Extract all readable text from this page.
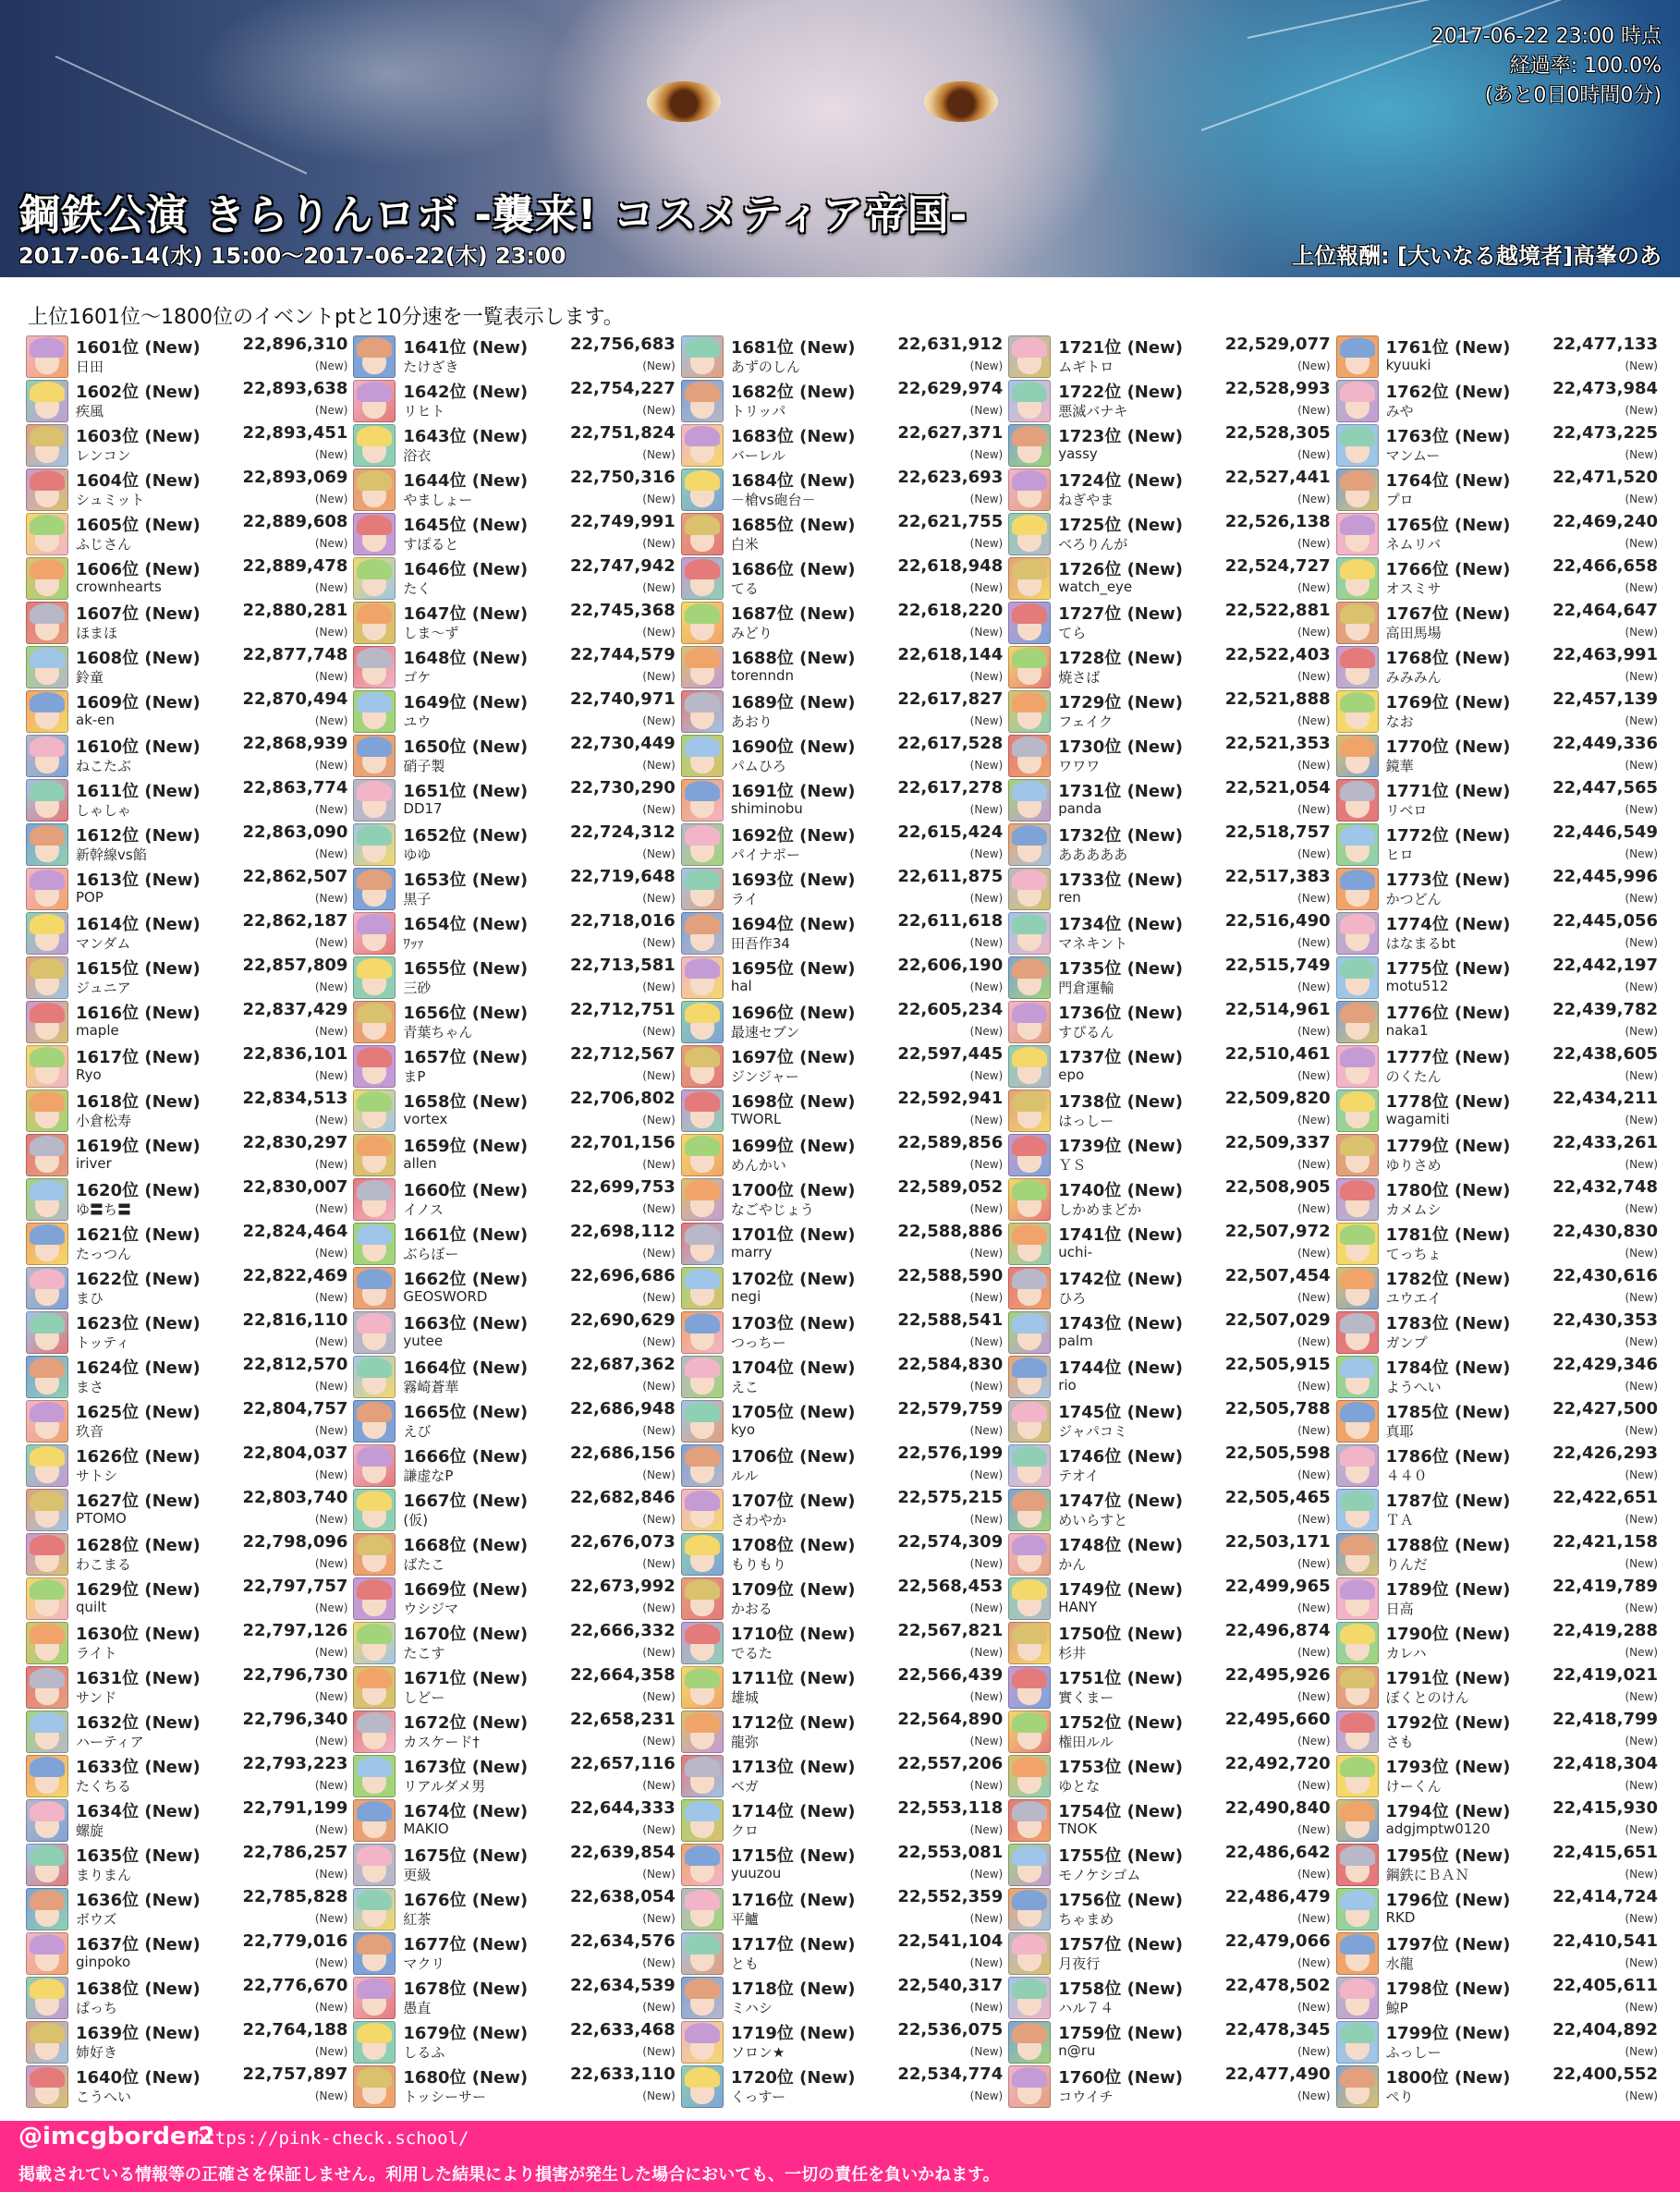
2017-06-22 23:00 時点
経過率: 100.0%
(あと0日0時間0分)
鋼鉄公演 きらりんロボ -襲来! コスメティア帝国-
2017-06-14(水) 15:00〜2017-06-22(木) 23:00	上位報酬: [大いなる越境者]高峯のあ
上位1601位〜1800位のイベントptと10分速を一覧表示します。
1601位 (New)	22,896,310
日田	(New)
1602位 (New)	22,893,638
疾風	(New)
1603位 (New)	22,893,451
レンコン	(New)
1604位 (New)	22,893,069
シュミット	(New)
1605位 (New)	22,889,608
ふじさん	(New)
1606位 (New)	22,889,478
crownhearts	(New)
1607位 (New)	22,880,281
ほまほ	(New)
1608位 (New)	22,877,748
鈴童	(New)
1609位 (New)	22,870,494
ak-en	(New)
1610位 (New)	22,868,939
ねこたぶ	(New)
1611位 (New)	22,863,774
しゃしゃ	(New)
1612位 (New)	22,863,090
新幹線vs餡	(New)
1613位 (New)	22,862,507
POP	(New)
1614位 (New)	22,862,187
マンダム	(New)
1615位 (New)	22,857,809
ジュニア	(New)
1616位 (New)	22,837,429
maple	(New)
1617位 (New)	22,836,101
Ryo	(New)
1618位 (New)	22,834,513
小倉松寿	(New)
1619位 (New)	22,830,297
iriver	(New)
1620位 (New)	22,830,007
ゆ〓ち〓	(New)
1621位 (New)	22,824,464
たっつん	(New)
1622位 (New)	22,822,469
まひ	(New)
1623位 (New)	22,816,110
トッティ	(New)
1624位 (New)	22,812,570
まさ	(New)
1625位 (New)	22,804,757
玖音	(New)
1626位 (New)	22,804,037
サトシ	(New)
1627位 (New)	22,803,740
PTOMO	(New)
1628位 (New)	22,798,096
わこまる	(New)
1629位 (New)	22,797,757
quilt	(New)
1630位 (New)	22,797,126
ライト	(New)
1631位 (New)	22,796,730
サンド	(New)
1632位 (New)	22,796,340
ハーティア	(New)
1633位 (New)	22,793,223
たくちる	(New)
1634位 (New)	22,791,199
螺旋	(New)
1635位 (New)	22,786,257
まりまん	(New)
1636位 (New)	22,785,828
ボウズ	(New)
1637位 (New)	22,779,016
ginpoko	(New)
1638位 (New)	22,776,670
ぱっち	(New)
1639位 (New)	22,764,188
姉好き	(New)
1640位 (New)	22,757,897
こうへい	(New)
1641位 (New)	22,756,683
たけざき	(New)
1642位 (New)	22,754,227
リヒト	(New)
1643位 (New)	22,751,824
浴衣	(New)
1644位 (New)	22,750,316
やましょー	(New)
1645位 (New)	22,749,991
すぽると	(New)
1646位 (New)	22,747,942
たく	(New)
1647位 (New)	22,745,368
しま〜ず	(New)
1648位 (New)	22,744,579
ゴケ	(New)
1649位 (New)	22,740,971
ユウ	(New)
1650位 (New)	22,730,449
硝子製	(New)
1651位 (New)	22,730,290
DD17	(New)
1652位 (New)	22,724,312
ゆゆ	(New)
1653位 (New)	22,719,648
黒子	(New)
1654位 (New)	22,718,016
ﾜｯｧ	(New)
1655位 (New)	22,713,581
三砂	(New)
1656位 (New)	22,712,751
青葉ちゃん	(New)
1657位 (New)	22,712,567
まP	(New)
1658位 (New)	22,706,802
vortex	(New)
1659位 (New)	22,701,156
allen	(New)
1660位 (New)	22,699,753
イノス	(New)
1661位 (New)	22,698,112
ぶらぼー	(New)
1662位 (New)	22,696,686
GEOSWORD	(New)
1663位 (New)	22,690,629
yutee	(New)
1664位 (New)	22,687,362
霧崎蒼華	(New)
1665位 (New)	22,686,948
えび	(New)
1666位 (New)	22,686,156
謙虚なP	(New)
1667位 (New)	22,682,846
(仮)	(New)
1668位 (New)	22,676,073
ばたこ	(New)
1669位 (New)	22,673,992
ウシジマ	(New)
1670位 (New)	22,666,332
たこす	(New)
1671位 (New)	22,664,358
しどー	(New)
1672位 (New)	22,658,231
カスケード†	(New)
1673位 (New)	22,657,116
リアルダメ男	(New)
1674位 (New)	22,644,333
MAKIO	(New)
1675位 (New)	22,639,854
更級	(New)
1676位 (New)	22,638,054
紅茶	(New)
1677位 (New)	22,634,576
マクリ	(New)
1678位 (New)	22,634,539
愚直	(New)
1679位 (New)	22,633,468
しるふ	(New)
1680位 (New)	22,633,110
トッシーサー	(New)
1681位 (New)	22,631,912
あずのしん	(New)
1682位 (New)	22,629,974
トリッパ	(New)
1683位 (New)	22,627,371
バーレル	(New)
1684位 (New)	22,623,693
－槍vs砲台－	(New)
1685位 (New)	22,621,755
白米	(New)
1686位 (New)	22,618,948
てる	(New)
1687位 (New)	22,618,220
みどり	(New)
1688位 (New)	22,618,144
torenndn	(New)
1689位 (New)	22,617,827
あおり	(New)
1690位 (New)	22,617,528
パムひろ	(New)
1691位 (New)	22,617,278
shiminobu	(New)
1692位 (New)	22,615,424
パイナポー	(New)
1693位 (New)	22,611,875
ライ	(New)
1694位 (New)	22,611,618
田吾作34	(New)
1695位 (New)	22,606,190
hal	(New)
1696位 (New)	22,605,234
最速セブン	(New)
1697位 (New)	22,597,445
ジンジャー	(New)
1698位 (New)	22,592,941
TWORL	(New)
1699位 (New)	22,589,856
めんかい	(New)
1700位 (New)	22,589,052
なごやじょう	(New)
1701位 (New)	22,588,886
marry	(New)
1702位 (New)	22,588,590
negi	(New)
1703位 (New)	22,588,541
つっちー	(New)
1704位 (New)	22,584,830
えこ	(New)
1705位 (New)	22,579,759
kyo	(New)
1706位 (New)	22,576,199
ルル	(New)
1707位 (New)	22,575,215
さわやか	(New)
1708位 (New)	22,574,309
もりもり	(New)
1709位 (New)	22,568,453
かおる	(New)
1710位 (New)	22,567,821
でるた	(New)
1711位 (New)	22,566,439
雄城	(New)
1712位 (New)	22,564,890
龍弥	(New)
1713位 (New)	22,557,206
ベガ	(New)
1714位 (New)	22,553,118
クロ	(New)
1715位 (New)	22,553,081
yuuzou	(New)
1716位 (New)	22,552,359
平鱸	(New)
1717位 (New)	22,541,104
とも	(New)
1718位 (New)	22,540,317
ミハシ	(New)
1719位 (New)	22,536,075
ソロン★	(New)
1720位 (New)	22,534,774
くっすー	(New)
1721位 (New)	22,529,077
ムギトロ	(New)
1722位 (New)	22,528,993
悪滅バナキ	(New)
1723位 (New)	22,528,305
yassy	(New)
1724位 (New)	22,527,441
ねぎやま	(New)
1725位 (New)	22,526,138
べろりんが	(New)
1726位 (New)	22,524,727
watch_eye	(New)
1727位 (New)	22,522,881
てら	(New)
1728位 (New)	22,522,403
焼さば	(New)
1729位 (New)	22,521,888
フェイク	(New)
1730位 (New)	22,521,353
ワワワ	(New)
1731位 (New)	22,521,054
panda	(New)
1732位 (New)	22,518,757
あああああ	(New)
1733位 (New)	22,517,383
ren	(New)
1734位 (New)	22,516,490
マネキント	(New)
1735位 (New)	22,515,749
門倉運輸	(New)
1736位 (New)	22,514,961
すぴるん	(New)
1737位 (New)	22,510,461
epo	(New)
1738位 (New)	22,509,820
はっしー	(New)
1739位 (New)	22,509,337
ＹＳ	(New)
1740位 (New)	22,508,905
しかめまどか	(New)
1741位 (New)	22,507,972
uchi-	(New)
1742位 (New)	22,507,454
ひろ	(New)
1743位 (New)	22,507,029
palm	(New)
1744位 (New)	22,505,915
rio	(New)
1745位 (New)	22,505,788
ジャパコミ	(New)
1746位 (New)	22,505,598
テオイ	(New)
1747位 (New)	22,505,465
めいらすと	(New)
1748位 (New)	22,503,171
かん	(New)
1749位 (New)	22,499,965
HANY	(New)
1750位 (New)	22,496,874
杉井	(New)
1751位 (New)	22,495,926
實くまー	(New)
1752位 (New)	22,495,660
権田ルル	(New)
1753位 (New)	22,492,720
ゆとな	(New)
1754位 (New)	22,490,840
TNOK	(New)
1755位 (New)	22,486,642
モノケシゴム	(New)
1756位 (New)	22,486,479
ちゃまめ	(New)
1757位 (New)	22,479,066
月夜行	(New)
1758位 (New)	22,478,502
ハル７４	(New)
1759位 (New)	22,478,345
n@ru	(New)
1760位 (New)	22,477,490
コウイチ	(New)
1761位 (New)	22,477,133
kyuuki	(New)
1762位 (New)	22,473,984
みや	(New)
1763位 (New)	22,473,225
マンムー	(New)
1764位 (New)	22,471,520
プロ	(New)
1765位 (New)	22,469,240
ネムリバ	(New)
1766位 (New)	22,466,658
オスミサ	(New)
1767位 (New)	22,464,647
高田馬場	(New)
1768位 (New)	22,463,991
みみみん	(New)
1769位 (New)	22,457,139
なお	(New)
1770位 (New)	22,449,336
鏡華	(New)
1771位 (New)	22,447,565
リベロ	(New)
1772位 (New)	22,446,549
ヒロ	(New)
1773位 (New)	22,445,996
かつどん	(New)
1774位 (New)	22,445,056
はなまるbt	(New)
1775位 (New)	22,442,197
motu512	(New)
1776位 (New)	22,439,782
naka1	(New)
1777位 (New)	22,438,605
のくたん	(New)
1778位 (New)	22,434,211
wagamiti	(New)
1779位 (New)	22,433,261
ゆりさめ	(New)
1780位 (New)	22,432,748
カメムシ	(New)
1781位 (New)	22,430,830
てっちょ	(New)
1782位 (New)	22,430,616
ユウエイ	(New)
1783位 (New)	22,430,353
ガンプ	(New)
1784位 (New)	22,429,346
ようへい	(New)
1785位 (New)	22,427,500
真耶	(New)
1786位 (New)	22,426,293
４４０	(New)
1787位 (New)	22,422,651
ＴＡ	(New)
1788位 (New)	22,421,158
りんだ	(New)
1789位 (New)	22,419,789
日高	(New)
1790位 (New)	22,419,288
カレハ	(New)
1791位 (New)	22,419,021
ぼくとのけん	(New)
1792位 (New)	22,418,799
さも	(New)
1793位 (New)	22,418,304
けーくん	(New)
1794位 (New)	22,415,930
adgjmptw0120	(New)
1795位 (New)	22,415,651
鋼鉄にＢＡＮ	(New)
1796位 (New)	22,414,724
RKD	(New)
1797位 (New)	22,410,541
水龍	(New)
1798位 (New)	22,405,611
鯨P	(New)
1799位 (New)	22,404,892
ふっしー	(New)
1800位 (New)	22,400,552
ぺり	(New)
@imcgborder2
https://pink-check.school/
掲載されている情報等の正確さを保証しません。利用した結果により損害が発生した場合においても、一切の責任を負いかねます。
